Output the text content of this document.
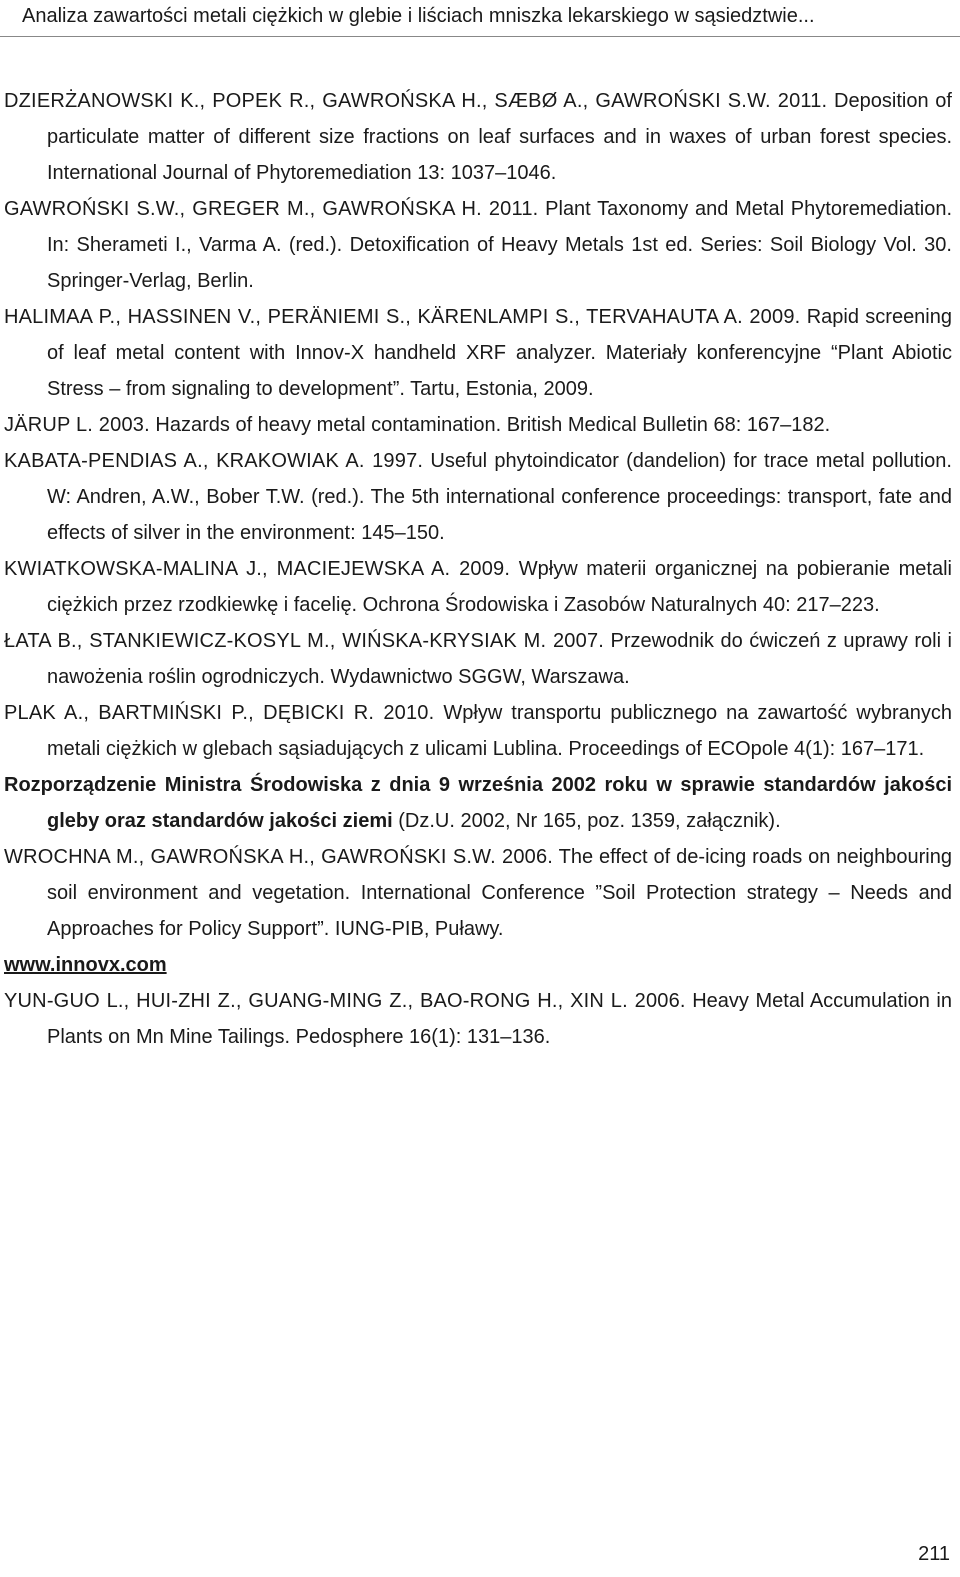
Analiza zawartości metali ciężkich w glebie i liściach mniszka lekarskiego w sąsiedztwie...

DZIERŻANOWSKI K., POPEK R., GAWROŃSKA H., SÆBØ A., GAWROŃSKI S.W. 2011. Deposition of particulate matter of different size fractions on leaf surfaces and in waxes of urban forest species. International Journal of Phytoremediation 13: 1037–1046.

GAWROŃSKI S.W., GREGER M., GAWROŃSKA H. 2011. Plant Taxonomy and Metal Phytoremediation. In: Sherameti I., Varma A. (red.). Detoxification of Heavy Metals 1st ed. Series: Soil Biology Vol. 30. Springer-Verlag, Berlin.

HALIMAA P., HASSINEN V., PERÄNIEMI S., KÄRENLAMPI S., TERVAHAUTA A. 2009. Rapid screening of leaf metal content with Innov-X handheld XRF analyzer. Materiały konferencyjne “Plant Abiotic Stress – from signaling to development”. Tartu, Estonia, 2009.

JÄRUP L. 2003. Hazards of heavy metal contamination. British Medical Bulletin 68: 167–182.

KABATA-PENDIAS A., KRAKOWIAK A. 1997. Useful phytoindicator (dandelion) for trace metal pollution. W: Andren, A.W., Bober T.W. (red.). The 5th international conference proceedings: transport, fate and effects of silver in the environment: 145–150.

KWIATKOWSKA-MALINA J., MACIEJEWSKA A. 2009. Wpływ materii organicznej na pobieranie metali ciężkich przez rzodkiewkę i facelię. Ochrona Środowiska i Zasobów Naturalnych 40: 217–223.

ŁATA B., STANKIEWICZ-KOSYL M., WIŃSKA-KRYSIAK M. 2007. Przewodnik do ćwiczeń z uprawy roli i nawożenia roślin ogrodniczych. Wydawnictwo SGGW, Warszawa.

PLAK A., BARTMIŃSKI P., DĘBICKI R. 2010. Wpływ transportu publicznego na zawartość wybranych metali ciężkich w glebach sąsiadujących z ulicami Lublina. Proceedings of ECOpole 4(1): 167–171.

Rozporządzenie Ministra Środowiska z dnia 9 września 2002 roku w sprawie standardów jakości gleby oraz standardów jakości ziemi (Dz.U. 2002, Nr 165, poz. 1359, załącznik).

WROCHNA M., GAWROŃSKA H., GAWROŃSKI S.W. 2006. The effect of de-icing roads on neighbouring soil environment and vegetation. International Conference ”Soil Protection strategy – Needs and Approaches for Policy Support”. IUNG-PIB, Puławy.

www.innovx.com

YUN-GUO L., HUI-ZHI Z., GUANG-MING Z., BAO-RONG H., XIN L. 2006. Heavy Metal Accumulation in Plants on Mn Mine Tailings. Pedosphere 16(1): 131–136.

211
